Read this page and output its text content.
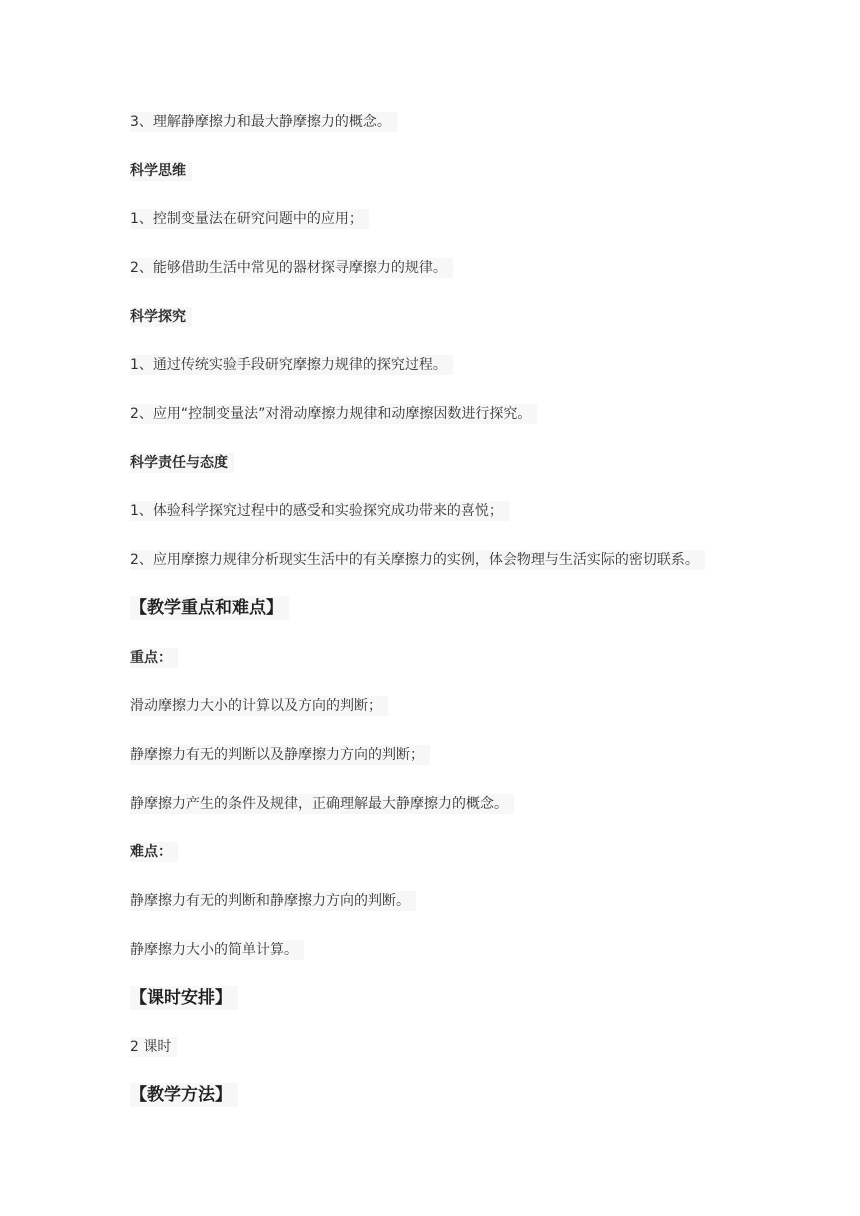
3、理解静摩擦力和最大静摩擦力的概念。
科学思维
1、控制变量法在研究问题中的应用；
2、能够借助生活中常见的器材探寻摩擦力的规律。
科学探究
1、通过传统实验手段研究摩擦力规律的探究过程。
2、应用“控制变量法”对滑动摩擦力规律和动摩擦因数进行探究。
科学责任与态度
1、体验科学探究过程中的感受和实验探究成功带来的喜悦；
2、应用摩擦力规律分析现实生活中的有关摩擦力的实例，体会物理与生活实际的密切联系。
【教学重点和难点】
重点：
滑动摩擦力大小的计算以及方向的判断；
静摩擦力有无的判断以及静摩擦力方向的判断；
静摩擦力产生的条件及规律，正确理解最大静摩擦力的概念。
难点：
静摩擦力有无的判断和静摩擦力方向的判断。
静摩擦力大小的简单计算。
【课时安排】
2 课时
【教学方法】
